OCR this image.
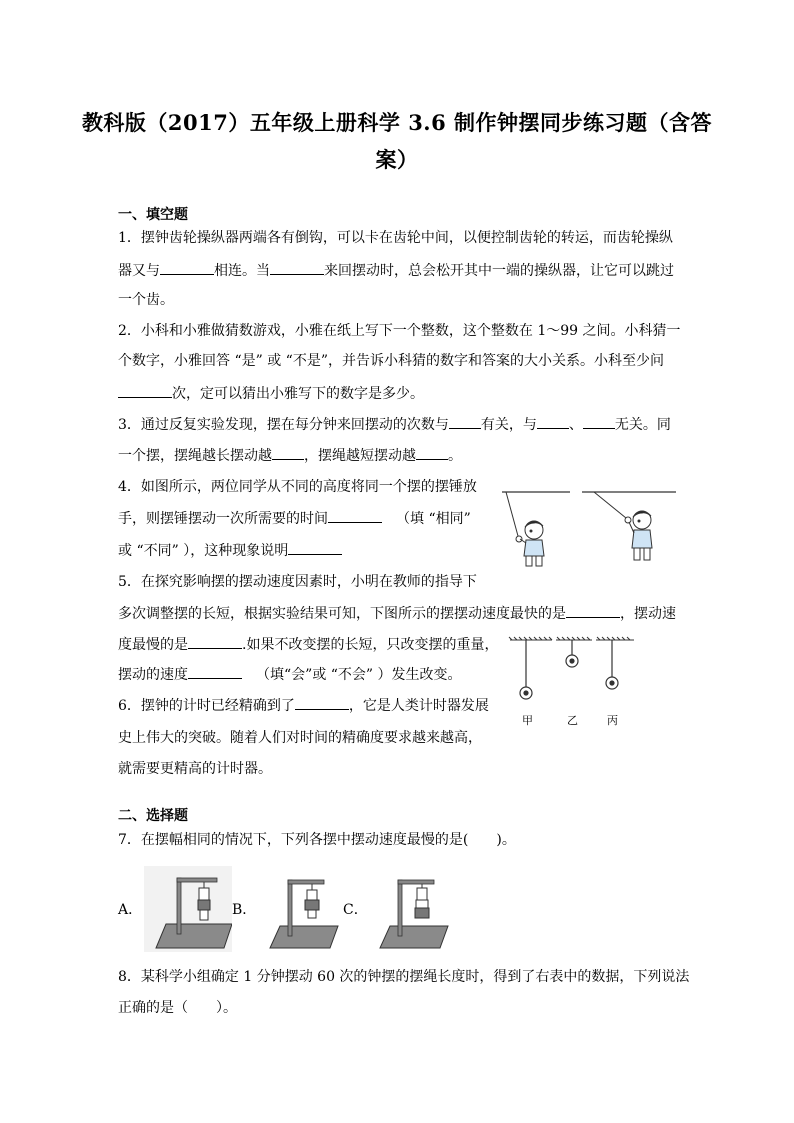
教科版（2017）五年级上册科学 3.6 制作钟摆同步练习题（含答
案）
一、填空题
1．摆钟齿轮操纵器两端各有倒钩，可以卡在齿轮中间，以便控制齿轮的转运，而齿轮操纵
器又与	相连。当	来回摆动时，总会松开其中一端的操纵器，让它可以跳过
一个齿。
2．小科和小雅做猜数游戏，小雅在纸上写下一个整数，这个整数在 1～99 之间。小科猜一
个数字，小雅回答 “是” 或 “不是”，并告诉小科猜的数字和答案的大小关系。小科至少问
次，定可以猜出小雅写下的数字是多少。
3．通过反复实验发现，摆在每分钟来回摆动的次数与 有关，与 、 无关。同
一个摆，摆绳越长摆动越 ，摆绳越短摆动越 。
4．如图所示，两位同学从不同的高度将同一个摆的摆锤放
手，则摆锤摆动一次所需要的时间	（填 “相同”
或 “不同” ），这种现象说明
5．在探究影响摆的摆动速度因素时，小明在教师的指导下
多次调整摆的长短，根据实验结果可知，下图所示的摆摆动速度最快的是	，摆动速
度最慢的是	.如果不改变摆的长短，只改变摆的重量，
摆动的速度	（填“会”或 “不会” ）发生改变。
甲	乙	丙
6．摆钟的计时已经精确到了	，它是人类计时器发展
史上伟大的突破。随着人们对时间的精确度要求越来越高，
就需要更精高的计时器。
二、选择题
7．在摆幅相同的情况下，下列各摆中摆动速度最慢的是(　　)。
A．	B．	C．
8．某科学小组确定 1 分钟摆动 60 次的钟摆的摆绳长度时，得到了右表中的数据，下列说法
正确的是（　　）。
